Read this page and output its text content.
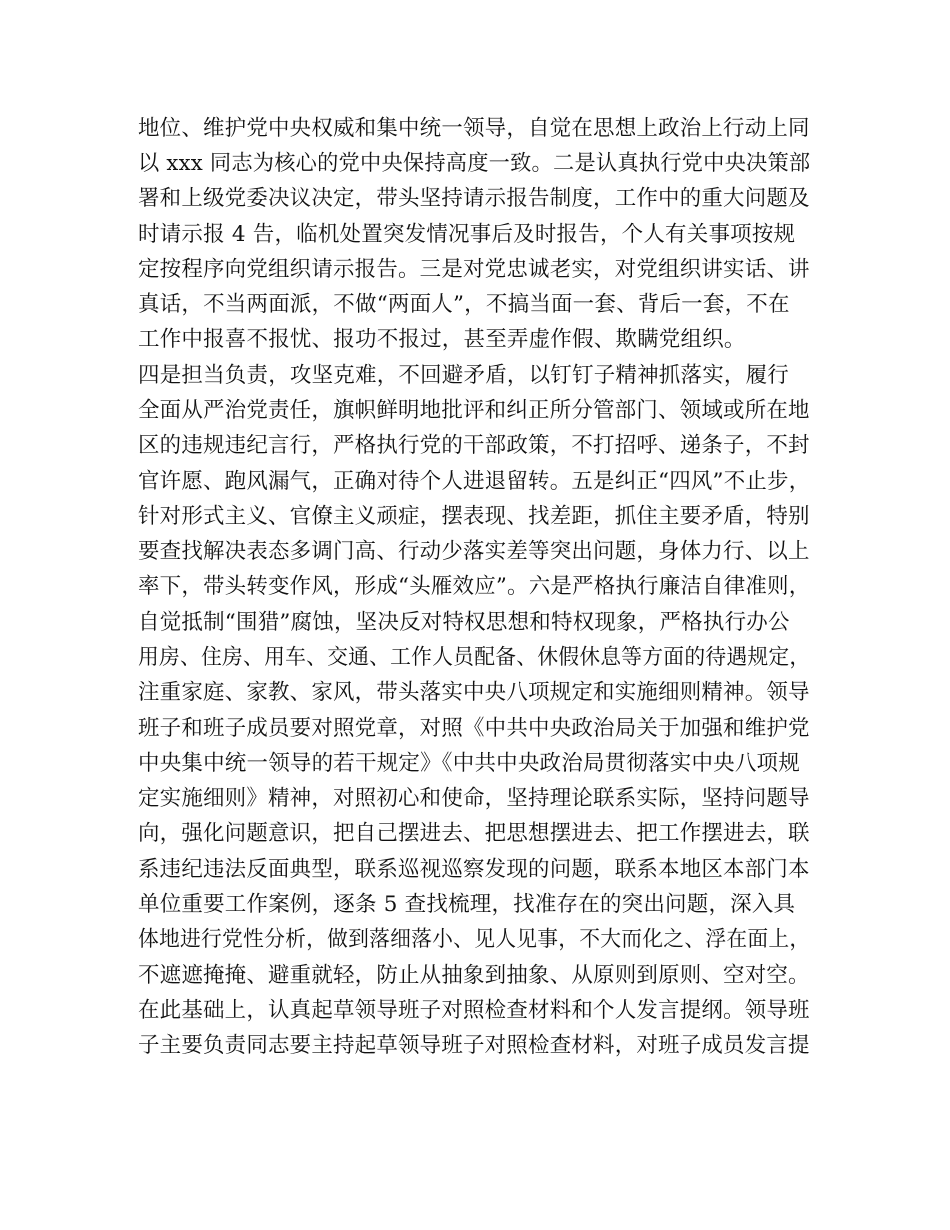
地位、维护党中央权威和集中统一领导，自觉在思想上政治上行动上同
以 xxx 同志为核心的党中央保持高度一致。二是认真执行党中央决策部
署和上级党委决议决定，带头坚持请示报告制度，工作中的重大问题及
时请示报 4 告，临机处置突发情况事后及时报告，个人有关事项按规
定按程序向党组织请示报告。三是对党忠诚老实，对党组织讲实话、讲
真话，不当两面派，不做“两面人”，不搞当面一套、背后一套，不在
工作中报喜不报忧、报功不报过，甚至弄虚作假、欺瞒党组织。
四是担当负责，攻坚克难，不回避矛盾，以钉钉子精神抓落实，履行
全面从严治党责任，旗帜鲜明地批评和纠正所分管部门、领域或所在地
区的违规违纪言行，严格执行党的干部政策，不打招呼、递条子，不封
官许愿、跑风漏气，正确对待个人进退留转。五是纠正“四风”不止步，
针对形式主义、官僚主义顽症，摆表现、找差距，抓住主要矛盾，特别
要查找解决表态多调门高、行动少落实差等突出问题，身体力行、以上
率下，带头转变作风，形成“头雁效应”。六是严格执行廉洁自律准则，
自觉抵制“围猎”腐蚀，坚决反对特权思想和特权现象，严格执行办公
用房、住房、用车、交通、工作人员配备、休假休息等方面的待遇规定，
注重家庭、家教、家风，带头落实中央八项规定和实施细则精神。领导
班子和班子成员要对照党章，对照《中共中央政治局关于加强和维护党
中央集中统一领导的若干规定》《中共中央政治局贯彻落实中央八项规
定实施细则》精神，对照初心和使命，坚持理论联系实际，坚持问题导
向，强化问题意识，把自己摆进去、把思想摆进去、把工作摆进去，联
系违纪违法反面典型，联系巡视巡察发现的问题，联系本地区本部门本
单位重要工作案例，逐条 5 查找梳理，找准存在的突出问题，深入具
体地进行党性分析，做到落细落小、见人见事，不大而化之、浮在面上，
不遮遮掩掩、避重就轻，防止从抽象到抽象、从原则到原则、空对空。
在此基础上，认真起草领导班子对照检查材料和个人发言提纲。领导班
子主要负责同志要主持起草领导班子对照检查材料，对班子成员发言提
